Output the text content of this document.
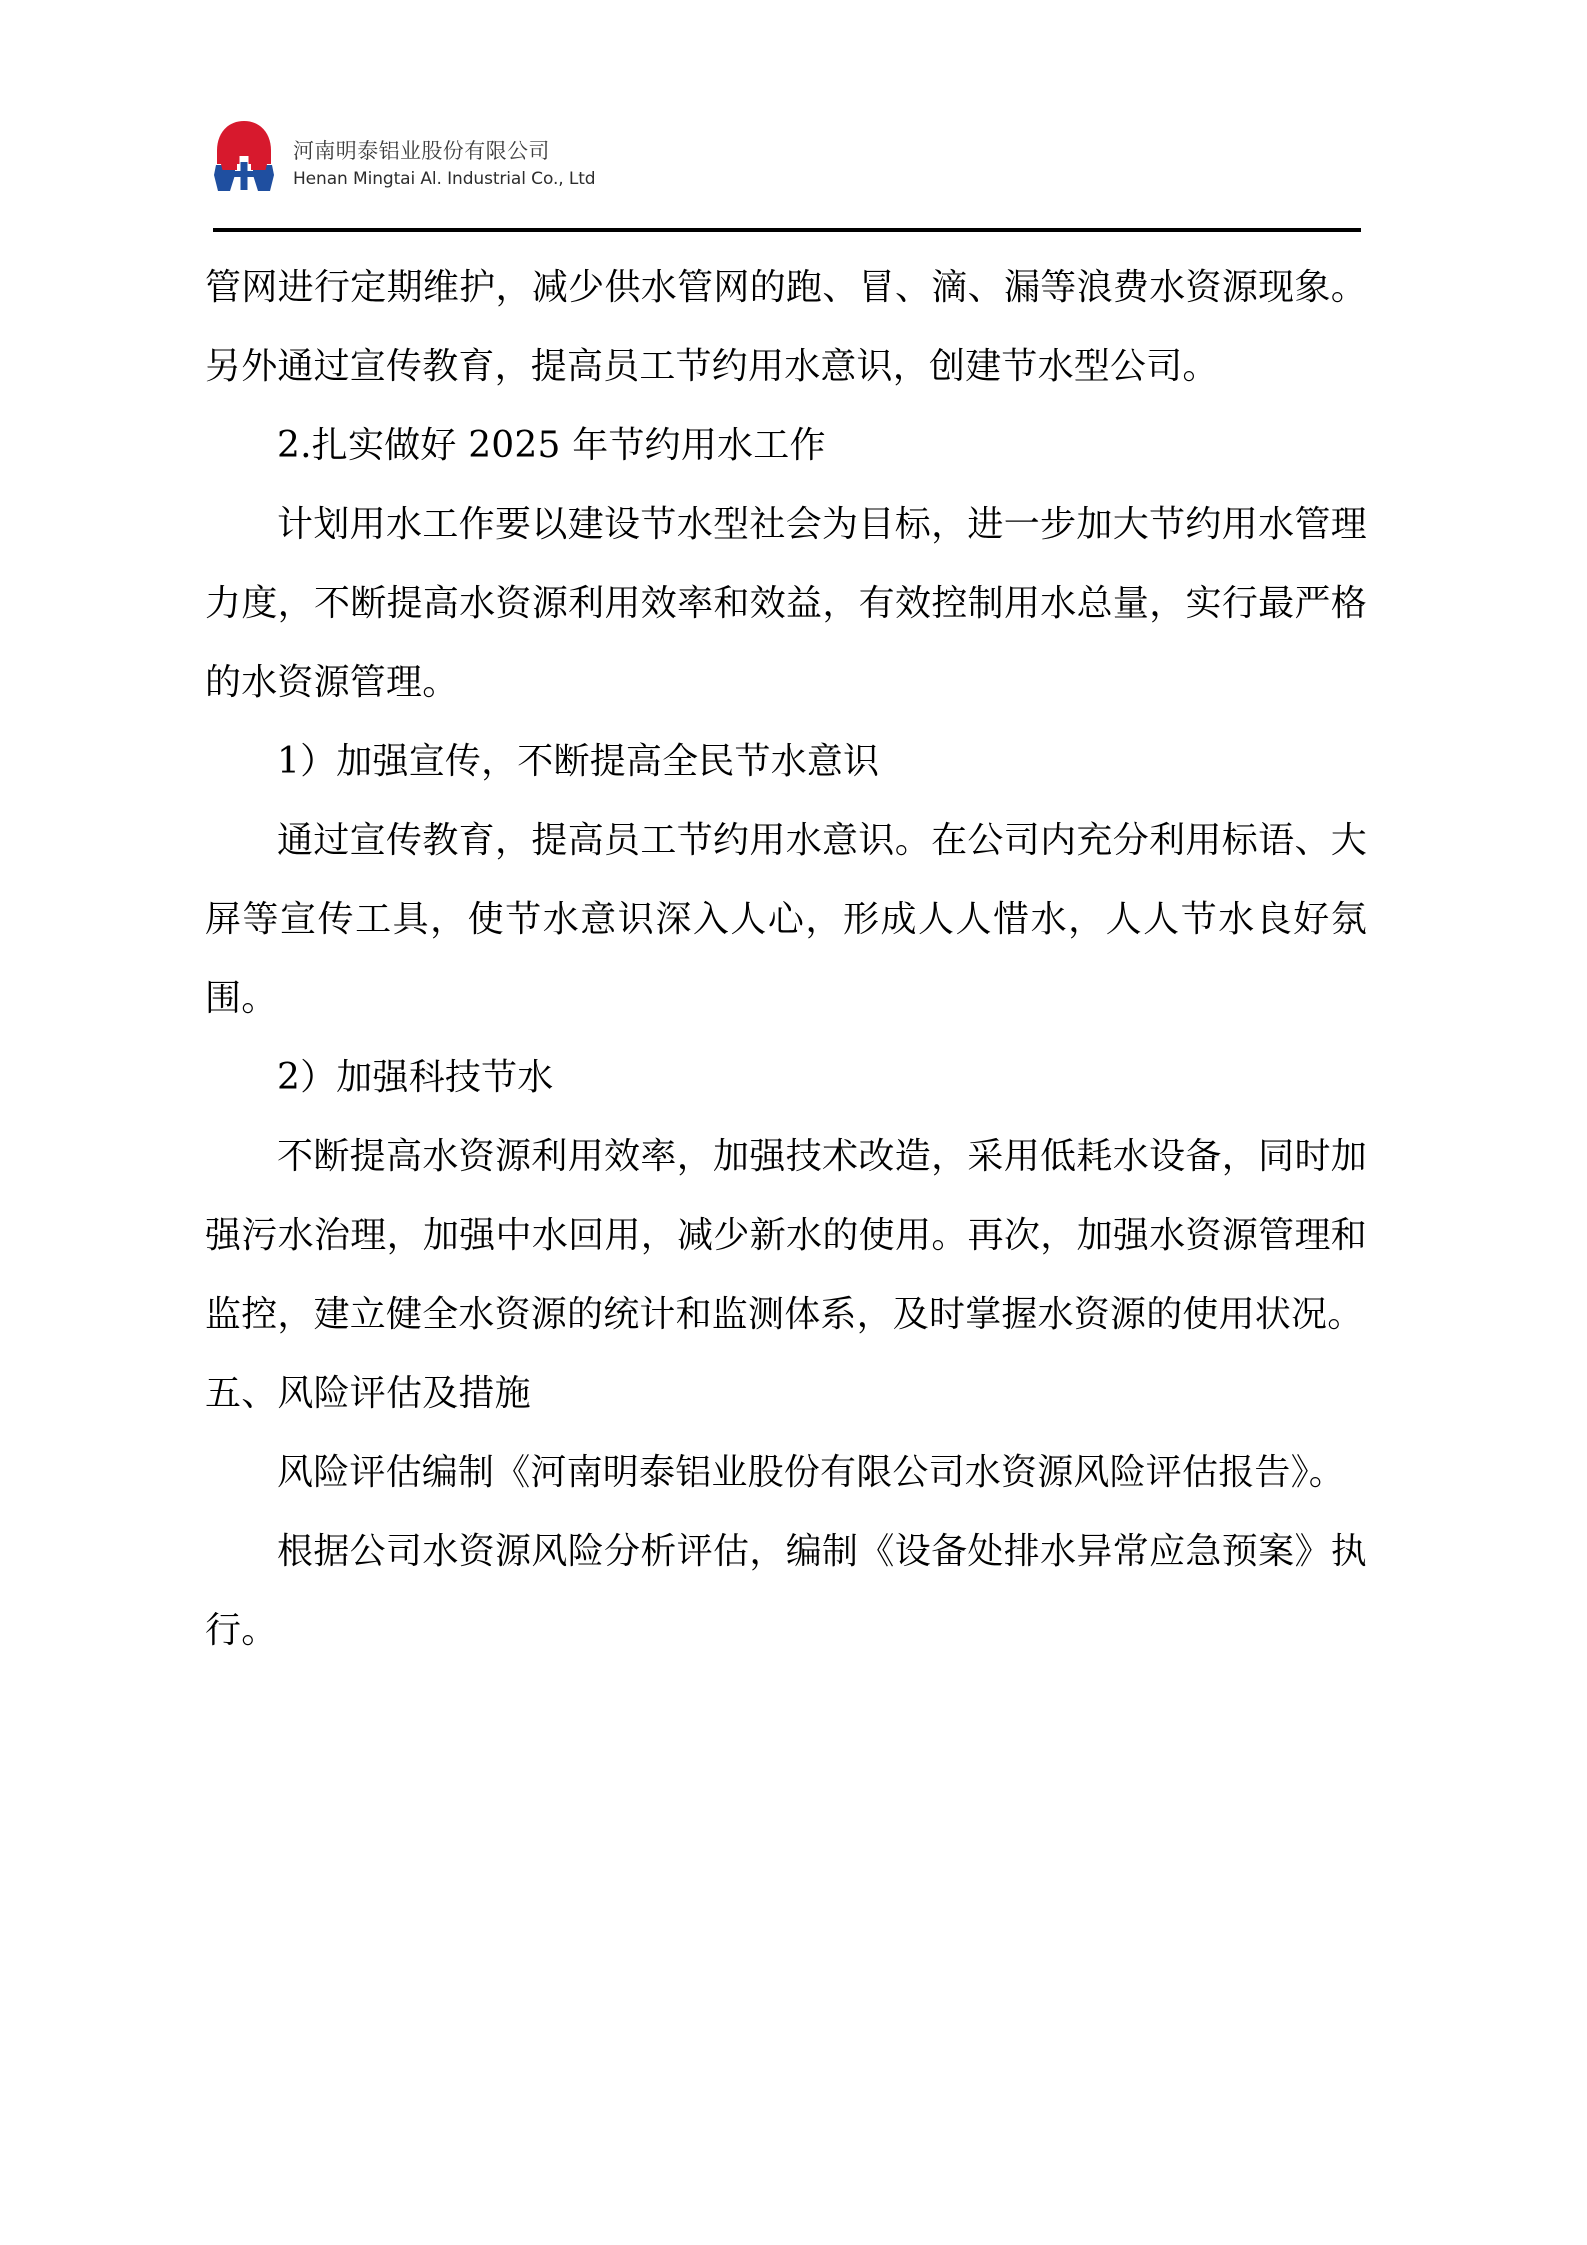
河南明泰铝业股份有限公司
Henan Mingtai Al. Industrial Co., Ltd

管网进行定期维护，减少供水管网的跑、冒、滴、漏等浪费水资源现象。另外通过宣传教育，提高员工节约用水意识，创建节水型公司。

2.扎实做好 2025 年节约用水工作

计划用水工作要以建设节水型社会为目标，进一步加大节约用水管理力度，不断提高水资源利用效率和效益，有效控制用水总量，实行最严格的水资源管理。

1）加强宣传，不断提高全民节水意识

通过宣传教育，提高员工节约用水意识。在公司内充分利用标语、大屏等宣传工具，使节水意识深入人心，形成人人惜水，人人节水良好氛围。

2）加强科技节水

不断提高水资源利用效率，加强技术改造，采用低耗水设备，同时加强污水治理，加强中水回用，减少新水的使用。再次，加强水资源管理和监控，建立健全水资源的统计和监测体系，及时掌握水资源的使用状况。

五、风险评估及措施

风险评估编制《河南明泰铝业股份有限公司水资源风险评估报告》。

根据公司水资源风险分析评估，编制《设备处排水异常应急预案》执行。
